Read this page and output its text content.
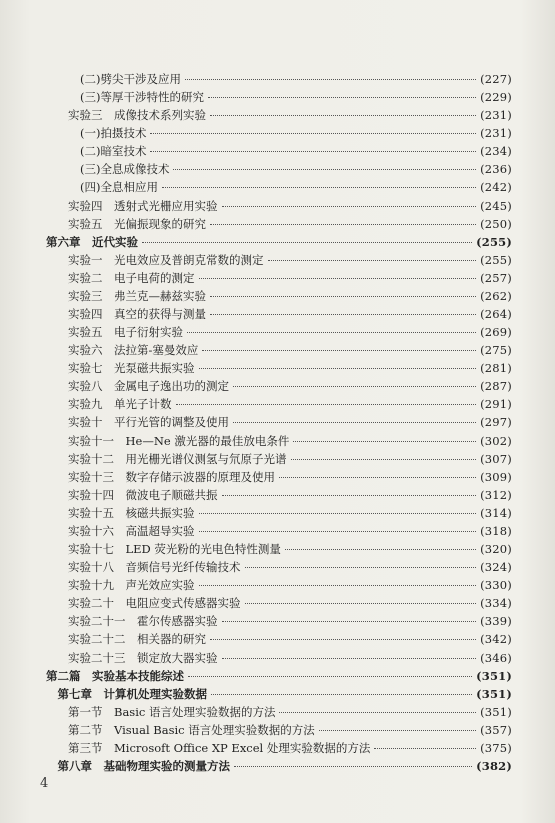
(二)劈尖干涉及应用	(227)
(三)等厚干涉特性的研究	(229)
实验三　成像技术系列实验	(231)
(一)拍摄技术	(231)
(二)暗室技术	(234)
(三)全息成像技术	(236)
(四)全息相应用	(242)
实验四　透射式光栅应用实验	(245)
实验五　光偏振现象的研究	(250)
第六章　近代实验	(255)
实验一　光电效应及普朗克常数的测定	(255)
实验二　电子电荷的测定	(257)
实验三　弗兰克—赫兹实验	(262)
实验四　真空的获得与测量	(264)
实验五　电子衍射实验	(269)
实验六　法拉第-塞曼效应	(275)
实验七　光泵磁共振实验	(281)
实验八　金属电子逸出功的测定	(287)
实验九　单光子计数	(291)
实验十　平行光管的调整及使用	(297)
实验十一　He—Ne 激光器的最佳放电条件	(302)
实验十二　用光栅光谱仪测氢与氘原子光谱	(307)
实验十三　数字存储示波器的原理及使用	(309)
实验十四　微波电子顺磁共振	(312)
实验十五　核磁共振实验	(314)
实验十六　高温超导实验	(318)
实验十七　LED 荧光粉的光电色特性测量	(320)
实验十八　音频信号光纤传输技术	(324)
实验十九　声光效应实验	(330)
实验二十　电阻应变式传感器实验	(334)
实验二十一　霍尔传感器实验	(339)
实验二十二　相关器的研究	(342)
实验二十三　锁定放大器实验	(346)
第二篇　实验基本技能综述	(351)
　第七章　计算机处理实验数据	(351)
第一节　Basic 语言处理实验数据的方法	(351)
第二节　Visual Basic 语言处理实验数据的方法	(357)
第三节　Microsoft Office XP Excel 处理实验数据的方法	(375)
　第八章　基础物理实验的测量方法	(382)
4
